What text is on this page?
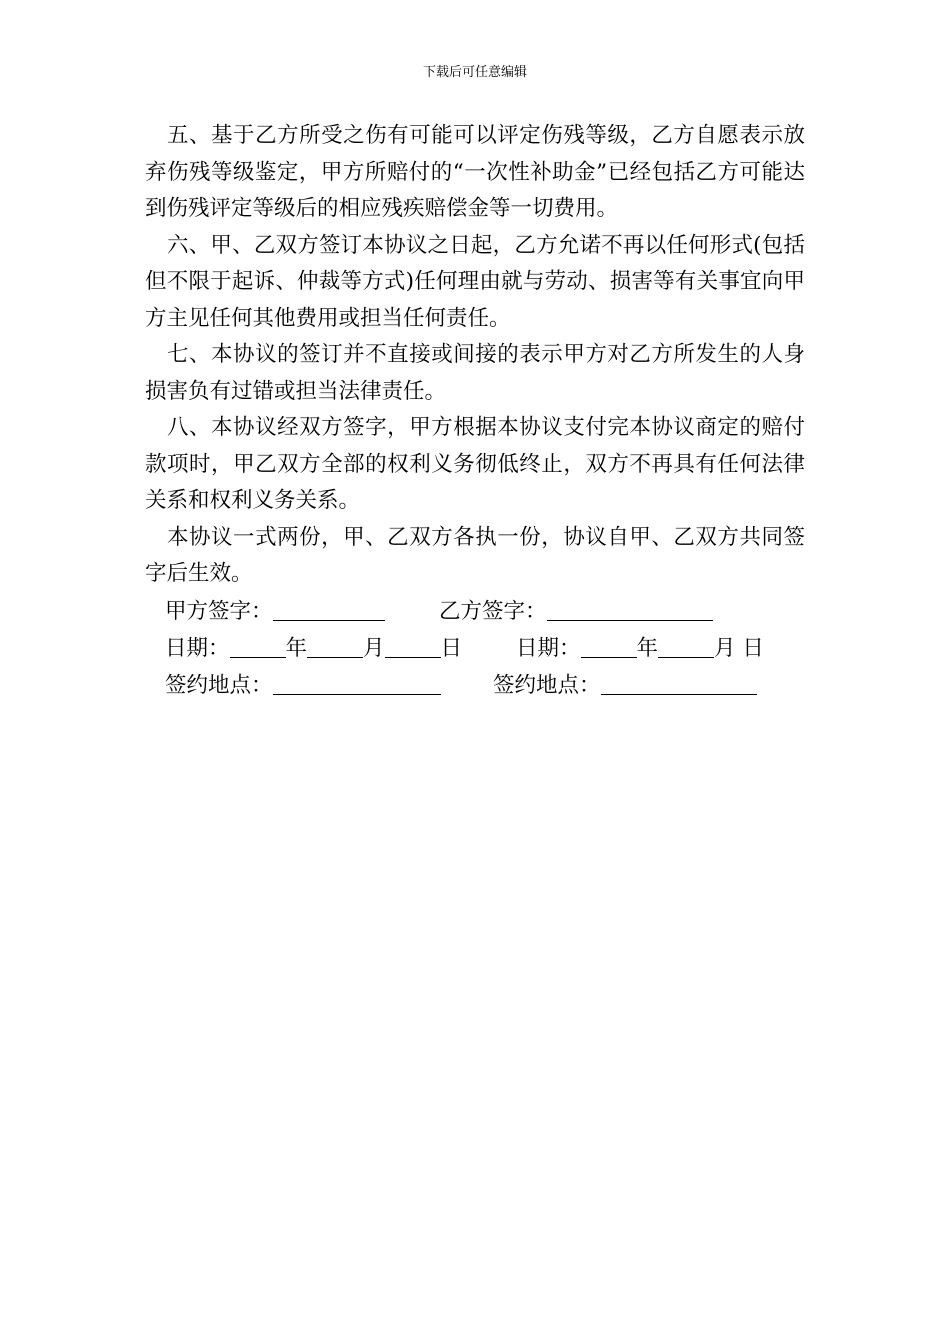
下载后可任意编辑

五、基于乙方所受之伤有可能可以评定伤残等级，乙方自愿表示放弃伤残等级鉴定，甲方所赔付的“一次性补助金”已经包括乙方可能达到伤残评定等级后的相应残疾赔偿金等一切费用。

六、甲、乙双方签订本协议之日起，乙方允诺不再以任何形式(包括但不限于起诉、仲裁等方式)任何理由就与劳动、损害等有关事宜向甲方主见任何其他费用或担当任何责任。

七、本协议的签订并不直接或间接的表示甲方对乙方所发生的人身损害负有过错或担当法律责任。

八、本协议经双方签字，甲方根据本协议支付完本协议商定的赔付款项时，甲乙双方全部的权利义务彻低终止，双方不再具有任何法律关系和权利义务关系。

本协议一式两份，甲、乙双方各执一份，协议自甲、乙双方共同签字后生效。

甲方签字：	乙方签字：
日期：	年	月	日	日期：	年	月 日
签约地点：	签约地点：
